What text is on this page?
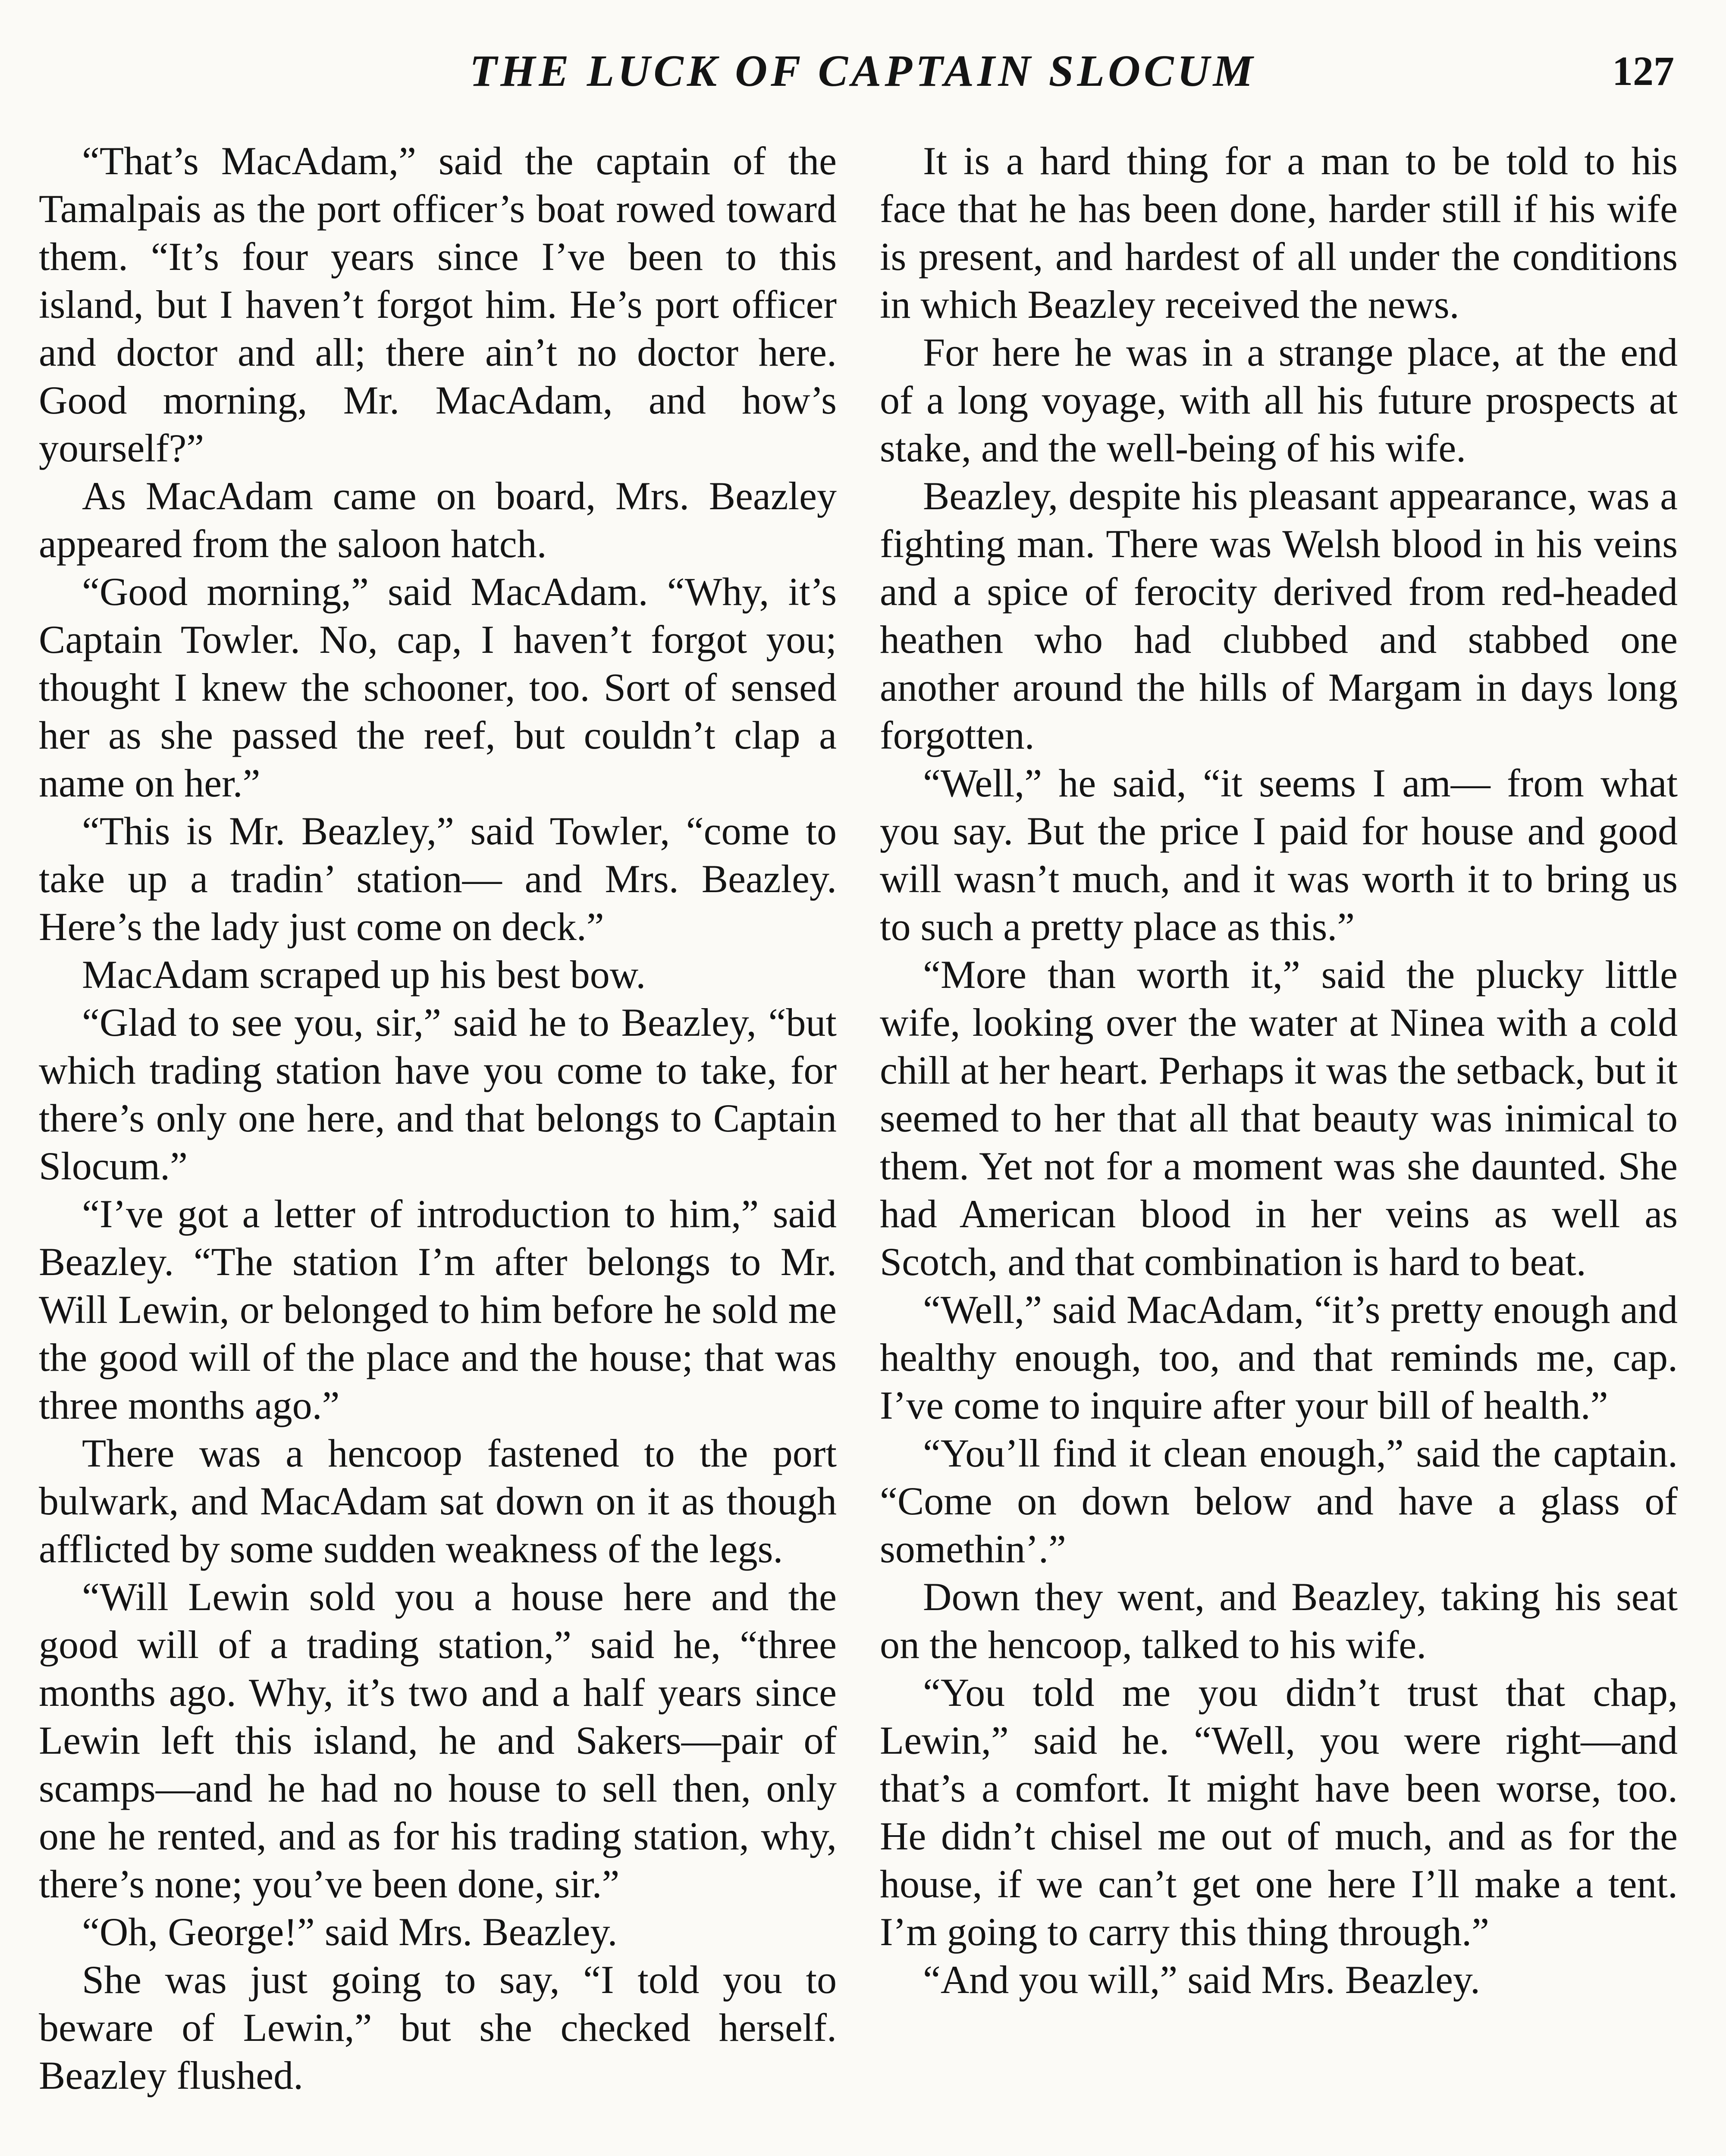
THE LUCK OF CAPTAIN SLOCUM	127

“That’s MacAdam,” said the captain of the Tamalpais as the port officer’s boat rowed toward them. “It’s four years since I’ve been to this island, but I haven’t forgot him. He’s port officer and doctor and all; there ain’t no doctor here. Good morning, Mr. MacAdam, and how’s yourself?”

As MacAdam came on board, Mrs. Beazley appeared from the saloon hatch.

“Good morning,” said MacAdam. “Why, it’s Captain Towler. No, cap, I haven’t forgot you; thought I knew the schooner, too. Sort of sensed her as she passed the reef, but couldn’t clap a name on her.”

“This is Mr. Beazley,” said Towler, “come to take up a tradin’ station— and Mrs. Beazley. Here’s the lady just come on deck.”

MacAdam scraped up his best bow.

“Glad to see you, sir,” said he to Beazley, “but which trading station have you come to take, for there’s only one here, and that belongs to Captain Slocum.”

“I’ve got a letter of introduction to him,” said Beazley. “The station I’m after belongs to Mr. Will Lewin, or belonged to him before he sold me the good will of the place and the house; that was three months ago.”

There was a hencoop fastened to the port bulwark, and MacAdam sat down on it as though afflicted by some sudden weakness of the legs.

“Will Lewin sold you a house here and the good will of a trading station,” said he, “three months ago. Why, it’s two and a half years since Lewin left this island, he and Sakers—pair of scamps—and he had no house to sell then, only one he rented, and as for his trading station, why, there’s none; you’ve been done, sir.”

“Oh, George!” said Mrs. Beazley.

She was just going to say, “I told you to beware of Lewin,” but she checked herself. Beazley flushed.

It is a hard thing for a man to be told to his face that he has been done, harder still if his wife is present, and hardest of all under the conditions in which Beazley received the news.

For here he was in a strange place, at the end of a long voyage, with all his future prospects at stake, and the well-being of his wife.

Beazley, despite his pleasant appearance, was a fighting man. There was Welsh blood in his veins and a spice of ferocity derived from red-headed heathen who had clubbed and stabbed one another around the hills of Margam in days long forgotten.

“Well,” he said, “it seems I am— from what you say. But the price I paid for house and good will wasn’t much, and it was worth it to bring us to such a pretty place as this.”

“More than worth it,” said the plucky little wife, looking over the water at Ninea with a cold chill at her heart. Perhaps it was the setback, but it seemed to her that all that beauty was inimical to them. Yet not for a moment was she daunted. She had American blood in her veins as well as Scotch, and that combination is hard to beat.

“Well,” said MacAdam, “it’s pretty enough and healthy enough, too, and that reminds me, cap. I’ve come to inquire after your bill of health.”

“You’ll find it clean enough,” said the captain. “Come on down below and have a glass of somethin’.”

Down they went, and Beazley, taking his seat on the hencoop, talked to his wife.

“You told me you didn’t trust that chap, Lewin,” said he. “Well, you were right—and that’s a comfort. It might have been worse, too. He didn’t chisel me out of much, and as for the house, if we can’t get one here I’ll make a tent. I’m going to carry this thing through.”

“And you will,” said Mrs. Beazley.
